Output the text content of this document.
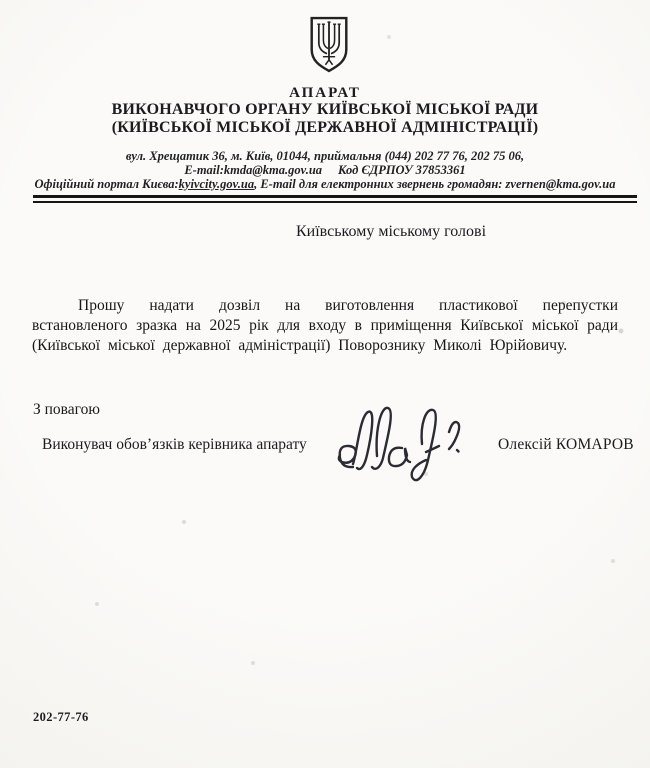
АПАРАТ
ВИКОНАВЧОГО ОРГАНУ КИЇВСЬКОЇ МІСЬКОЇ РАДИ
(КИЇВСЬКОЇ МІСЬКОЇ ДЕРЖАВНОЇ АДМІНІСТРАЦІЇ)
вул. Хрещатик 36, м. Київ, 01044, приймальня (044) 202 77 76, 202 75 06,
E-mail:kmda@kma.gov.ua Код ЄДРПОУ 37853361
Офіційний портал Києва:kyivcity.gov.ua, E-mail для електронних звернень громадян: zvernen@kma.gov.ua
Київському міському голові
Прошу надати дозвіл на виготовлення пластикової перепустки встановленого зразка на 2025 рік для входу в приміщення Київської міської ради (Київської міської державної адміністрації) Поворознику Миколі Юрійовичу.
З повагою
Виконувач обов’язків керівника апарату	Олексій КОМАРОВ
202-77-76
